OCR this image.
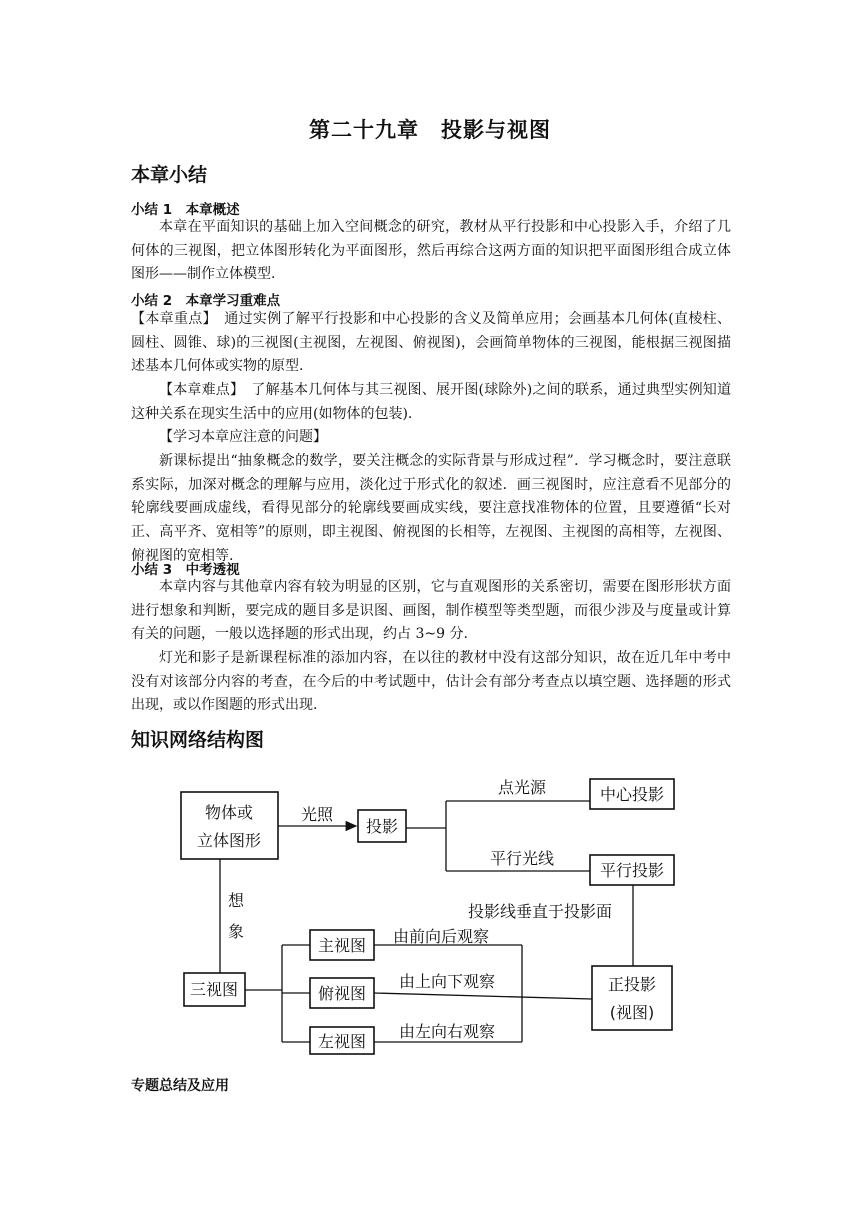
第二十九章　投影与视图
本章小结
小结 1　本章概述
本章在平面知识的基础上加入空间概念的研究，教材从平行投影和中心投影入手，介绍了几何体的三视图，把立体图形转化为平面图形，然后再综合这两方面的知识把平面图形组合成立体图形——制作立体模型.
小结 2　本章学习重难点
【本章重点】　通过实例了解平行投影和中心投影的含义及简单应用；会画基本几何体(直棱柱、圆柱、圆锥、球)的三视图(主视图，左视图、俯视图)，会画简单物体的三视图，能根据三视图描述基本几何体或实物的原型.
【本章难点】　了解基本几何体与其三视图、展开图(球除外)之间的联系，通过典型实例知道这种关系在现实生活中的应用(如物体的包装).
【学习本章应注意的问题】
新课标提出“抽象概念的数学，要关注概念的实际背景与形成过程”．学习概念时，要注意联系实际，加深对概念的理解与应用，淡化过于形式化的叙述．画三视图时，应注意看不见部分的轮廓线要画成虚线，看得见部分的轮廓线要画成实线，要注意找准物体的位置，且要遵循“长对正、高平齐、宽相等”的原则，即主视图、俯视图的长相等，左视图、主视图的高相等，左视图、俯视图的宽相等.
小结 3　中考透视
本章内容与其他章内容有较为明显的区别，它与直观图形的关系密切，需要在图形形状方面进行想象和判断，要完成的题目多是识图、画图，制作模型等类型题，而很少涉及与度量或计算有关的问题，一般以选择题的形式出现，约占 3~9 分.
灯光和影子是新课程标准的添加内容，在以往的教材中没有这部分知识，故在近几年中考中没有对该部分内容的考查，在今后的中考试题中，估计会有部分考查点以填空题、选择题的形式出现，或以作图题的形式出现.
知识网络结构图
物体或
立体图形
光照
投影
点光源	中心投影
平行光线
平行投影
投影线垂直于投影面
想
象
三视图
主视图
俯视图
左视图
由前向后观察
由上向下观察
由左向右观察
正投影
(视图)
专题总结及应用
